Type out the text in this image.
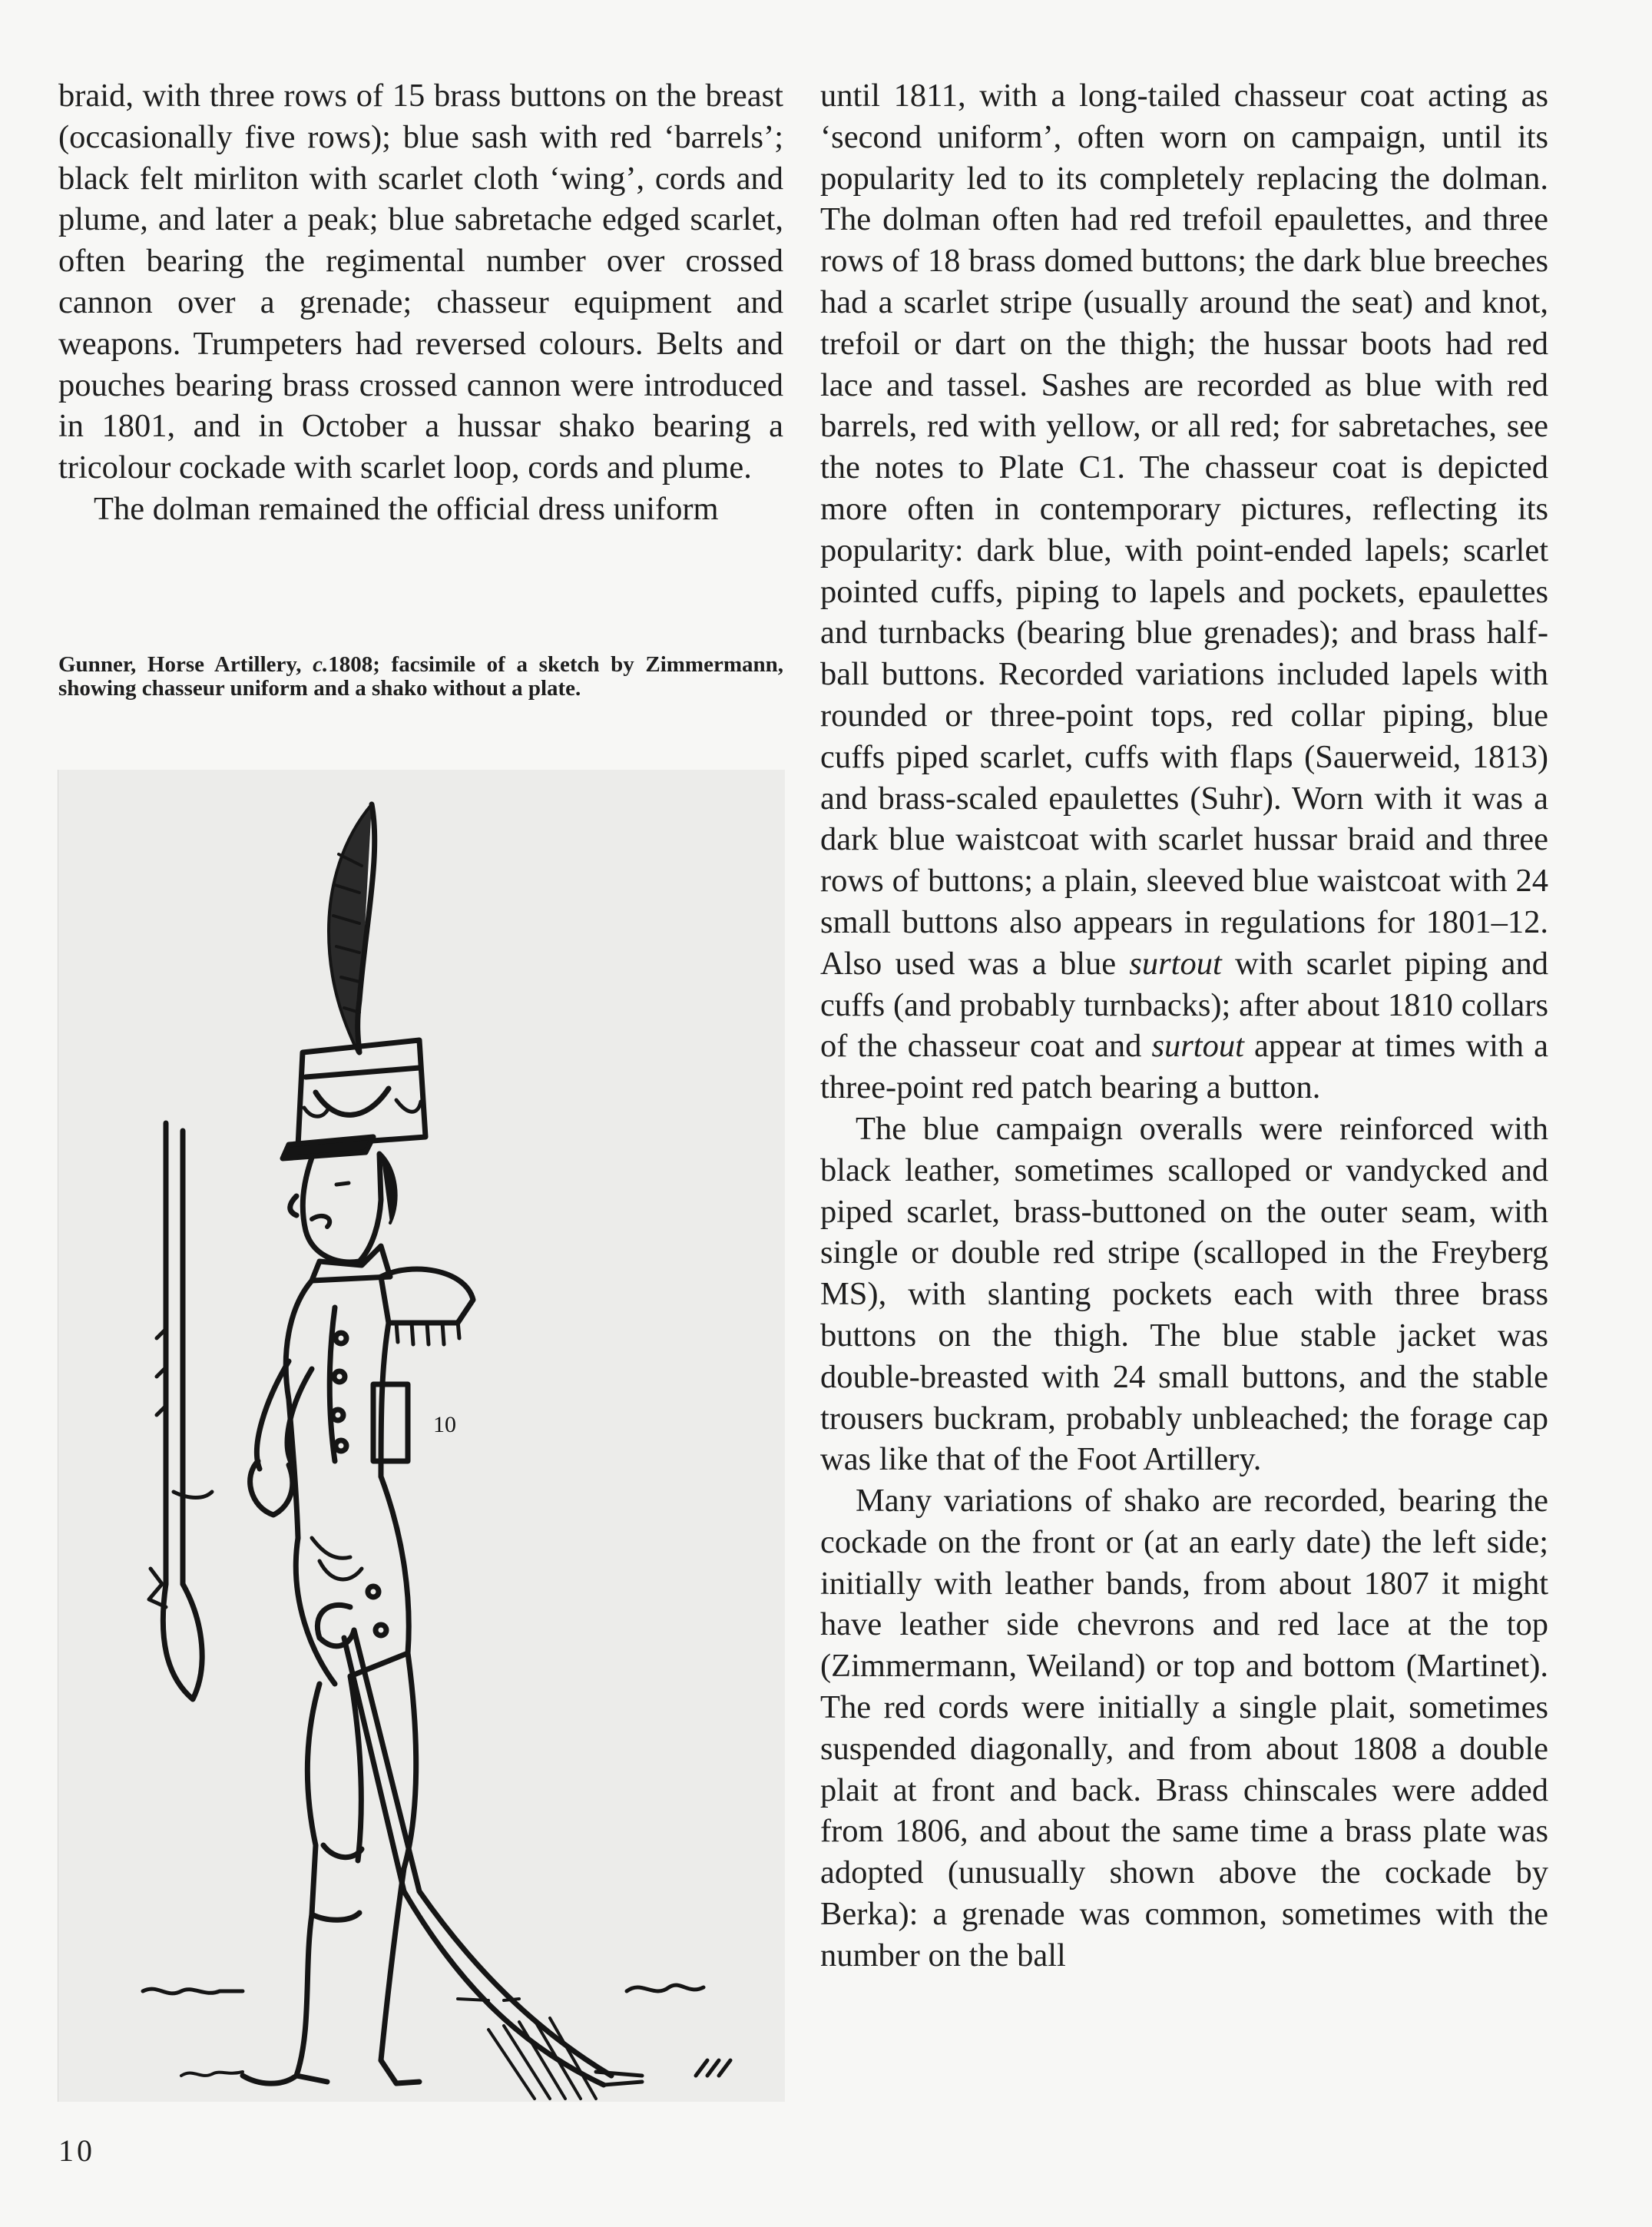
braid, with three rows of 15 brass buttons on the breast (occasionally five rows); blue sash with red ‘barrels’; black felt mirliton with scarlet cloth ‘wing’, cords and plume, and later a peak; blue sabretache edged scarlet, often bearing the regimental number over crossed cannon over a grenade; chasseur equipment and weapons. Trumpeters had reversed colours. Belts and pouches bearing brass crossed cannon were introduced in 1801, and in October a hussar shako bearing a tricolour cockade with scarlet loop, cords and plume.

The dolman remained the official dress uniform

Gunner, Horse Artillery, c.1808; facsimile of a sketch by Zimmermann, showing chasseur uniform and a shako without a plate.
10

until 1811, with a long-tailed chasseur coat acting as ‘second uniform’, often worn on campaign, until its popularity led to its completely replacing the dolman. The dolman often had red trefoil epaulettes, and three rows of 18 brass domed buttons; the dark blue breeches had a scarlet stripe (usually around the seat) and knot, trefoil or dart on the thigh; the hussar boots had red lace and tassel. Sashes are recorded as blue with red barrels, red with yellow, or all red; for sabretaches, see the notes to Plate C1. The chasseur coat is depicted more often in contemporary pictures, reflecting its popularity: dark blue, with point-ended lapels; scarlet pointed cuffs, piping to lapels and pockets, epaulettes and turnbacks (bearing blue grenades); and brass half-ball buttons. Recorded variations included lapels with rounded or three-point tops, red collar piping, blue cuffs piped scarlet, cuffs with flaps (Sauerweid, 1813) and brass-scaled epaulettes (Suhr). Worn with it was a dark blue waistcoat with scarlet hussar braid and three rows of buttons; a plain, sleeved blue waistcoat with 24 small buttons also appears in regulations for 1801–12. Also used was a blue surtout with scarlet piping and cuffs (and probably turnbacks); after about 1810 collars of the chasseur coat and surtout appear at times with a three-point red patch bearing a button.

The blue campaign overalls were reinforced with black leather, sometimes scalloped or vandycked and piped scarlet, brass-buttoned on the outer seam, with single or double red stripe (scalloped in the Freyberg MS), with slanting pockets each with three brass buttons on the thigh. The blue stable jacket was double-breasted with 24 small buttons, and the stable trousers buckram, probably unbleached; the forage cap was like that of the Foot Artillery.

Many variations of shako are recorded, bearing the cockade on the front or (at an early date) the left side; initially with leather bands, from about 1807 it might have leather side chevrons and red lace at the top (Zimmermann, Weiland) or top and bottom (Martinet). The red cords were initially a single plait, sometimes suspended diagonally, and from about 1808 a double plait at front and back. Brass chinscales were added from 1806, and about the same time a brass plate was adopted (unusually shown above the cockade by Berka): a grenade was common, sometimes with the number on the ball

10
